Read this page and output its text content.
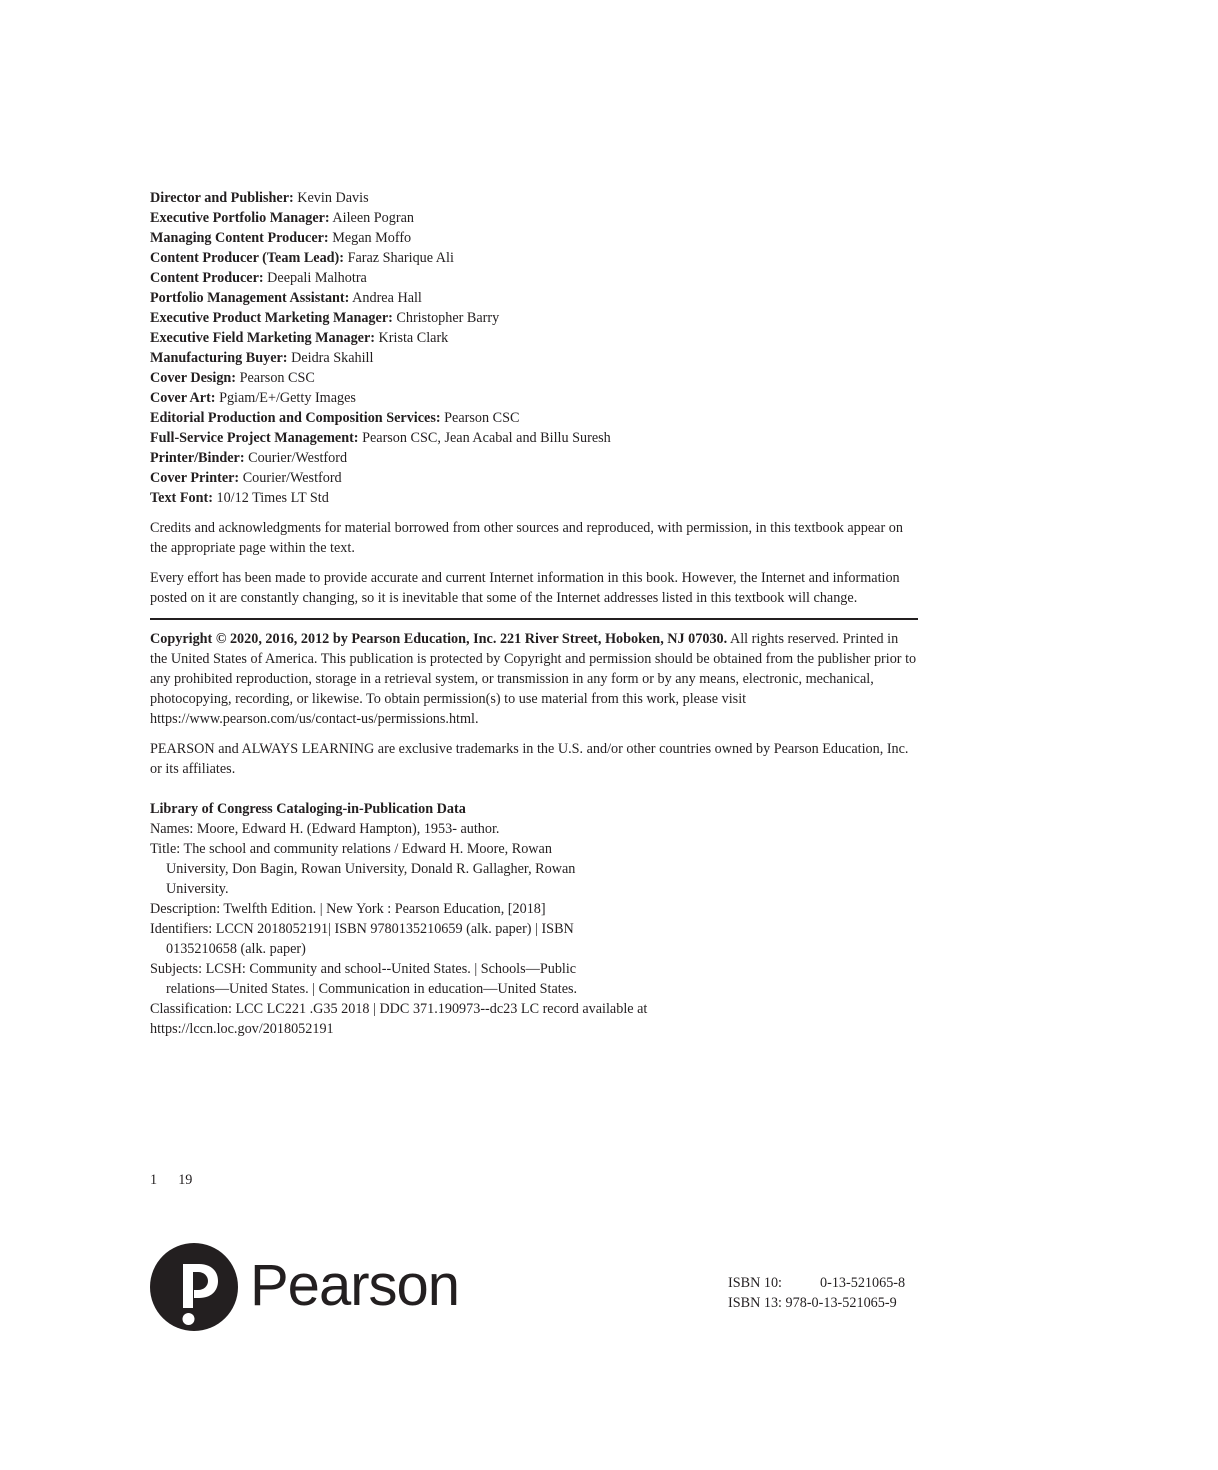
Director and Publisher: Kevin Davis

Executive Portfolio Manager: Aileen Pogran

Managing Content Producer: Megan Moffo

Content Producer (Team Lead): Faraz Sharique Ali

Content Producer: Deepali Malhotra

Portfolio Management Assistant: Andrea Hall

Executive Product Marketing Manager: Christopher Barry

Executive Field Marketing Manager: Krista Clark

Manufacturing Buyer: Deidra Skahill

Cover Design: Pearson CSC

Cover Art: Pgiam/E+/Getty Images

Editorial Production and Composition Services: Pearson CSC

Full-Service Project Management: Pearson CSC, Jean Acabal and Billu Suresh

Printer/Binder: Courier/Westford

Cover Printer: Courier/Westford

Text Font: 10/12 Times LT Std

Credits and acknowledgments for material borrowed from other sources and reproduced, with permission, in this textbook appear on the appropriate page within the text.

Every effort has been made to provide accurate and current Internet information in this book. However, the Internet and information posted on it are constantly changing, so it is inevitable that some of the Internet addresses listed in this textbook will change.

Copyright © 2020, 2016, 2012 by Pearson Education, Inc. 221 River Street, Hoboken, NJ 07030. All rights reserved. Printed in the United States of America. This publication is protected by Copyright and permission should be obtained from the publisher prior to any prohibited reproduction, storage in a retrieval system, or transmission in any form or by any means, electronic, mechanical, photocopying, recording, or likewise. To obtain permission(s) to use material from this work, please visit https://www.pearson.com/us/contact-us/permissions.html.

PEARSON and ALWAYS LEARNING are exclusive trademarks in the U.S. and/or other countries owned by Pearson Education, Inc. or its affiliates.

Library of Congress Cataloging-in-Publication Data

Names: Moore, Edward H. (Edward Hampton), 1953- author.

Title: The school and community relations / Edward H. Moore, Rowan

University, Don Bagin, Rowan University, Donald R. Gallagher, Rowan

University.

Description: Twelfth Edition. | New York : Pearson Education, [2018]

Identifiers: LCCN 2018052191| ISBN 9780135210659 (alk. paper) | ISBN

0135210658 (alk. paper)

Subjects: LCSH: Community and school--United States. | Schools—Public

relations—United States. | Communication in education—United States.

Classification: LCC LC221 .G35 2018 | DDC 371.190973--dc23 LC record available at

https://lccn.loc.gov/2018052191

1 19
Pearson	ISBN 10:	0-13-521065-8
ISBN 13: 978-0-13-521065-9
